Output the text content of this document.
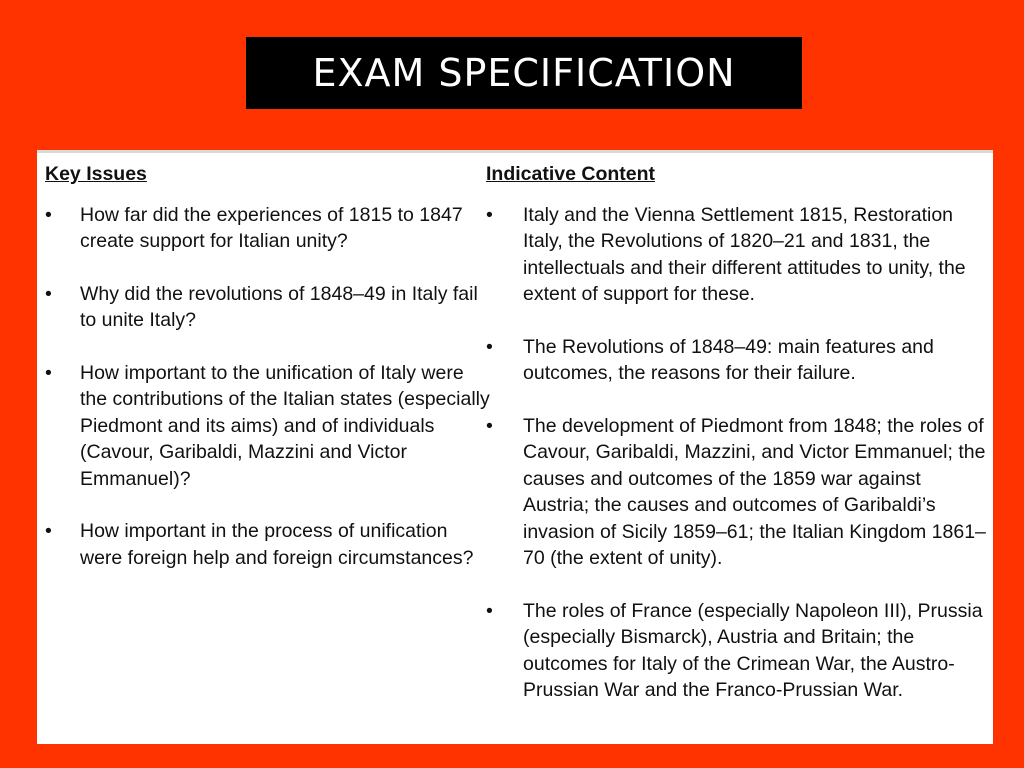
EXAM SPECIFICATION
Key Issues
•	How far did the experiences of 1815 to 1847 create support for Italian unity?
•	Why did the revolutions of 1848–49 in Italy fail to unite Italy?
•	How important to the unification of Italy were the contributions of the Italian states (especially Piedmont and its aims) and of individuals (Cavour, Garibaldi, Mazzini and Victor Emmanuel)?
•	How important in the process of unification were foreign help and foreign circumstances?
Indicative Content
•	Italy and the Vienna Settlement 1815, Restoration Italy, the Revolutions of 1820–21 and 1831, the intellectuals and their different attitudes to unity, the extent of support for these.
•	The Revolutions of 1848–49: main features and outcomes, the reasons for their failure.
•	The development of Piedmont from 1848; the roles of Cavour, Garibaldi, Mazzini, and Victor Emmanuel; the causes and outcomes of the 1859 war against Austria; the causes and outcomes of Garibaldi’s invasion of Sicily 1859–61; the Italian Kingdom 1861–70 (the extent of unity).
•	The roles of France (especially Napoleon III), Prussia (especially Bismarck), Austria and Britain; the outcomes for Italy of the Crimean War, the Austro-Prussian War and the Franco-Prussian War.
